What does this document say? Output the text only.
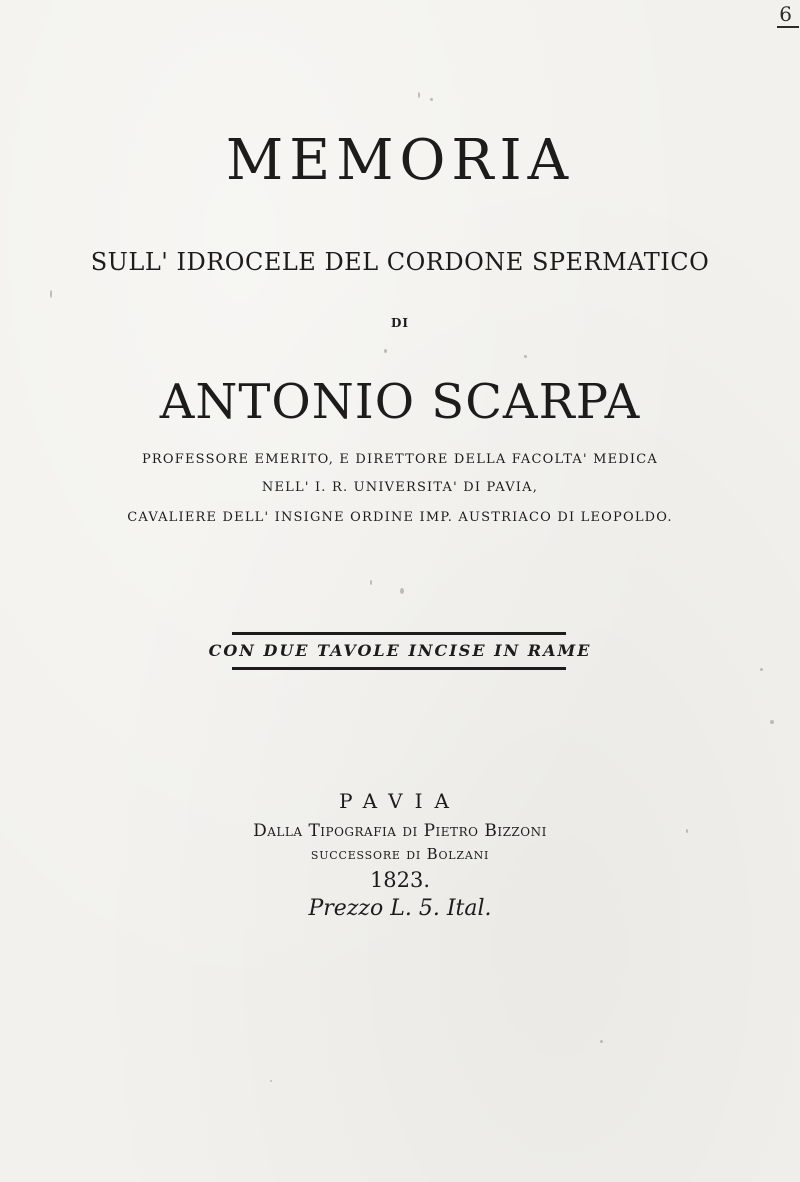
6
MEMORIA
SULL' IDROCELE DEL CORDONE SPERMATICO
DI
ANTONIO SCARPA
PROFESSORE EMERITO, E DIRETTORE DELLA FACOLTA' MEDICA
NELL' I. R. UNIVERSITA' DI PAVIA,
CAVALIERE DELL' INSIGNE ORDINE IMP. AUSTRIACO DI LEOPOLDO.
CON DUE TAVOLE INCISE IN RAME
PAVIA
Dalla Tipografia di Pietro Bizzoni
successore di Bolzani
1823.
Prezzo L. 5. Ital.
